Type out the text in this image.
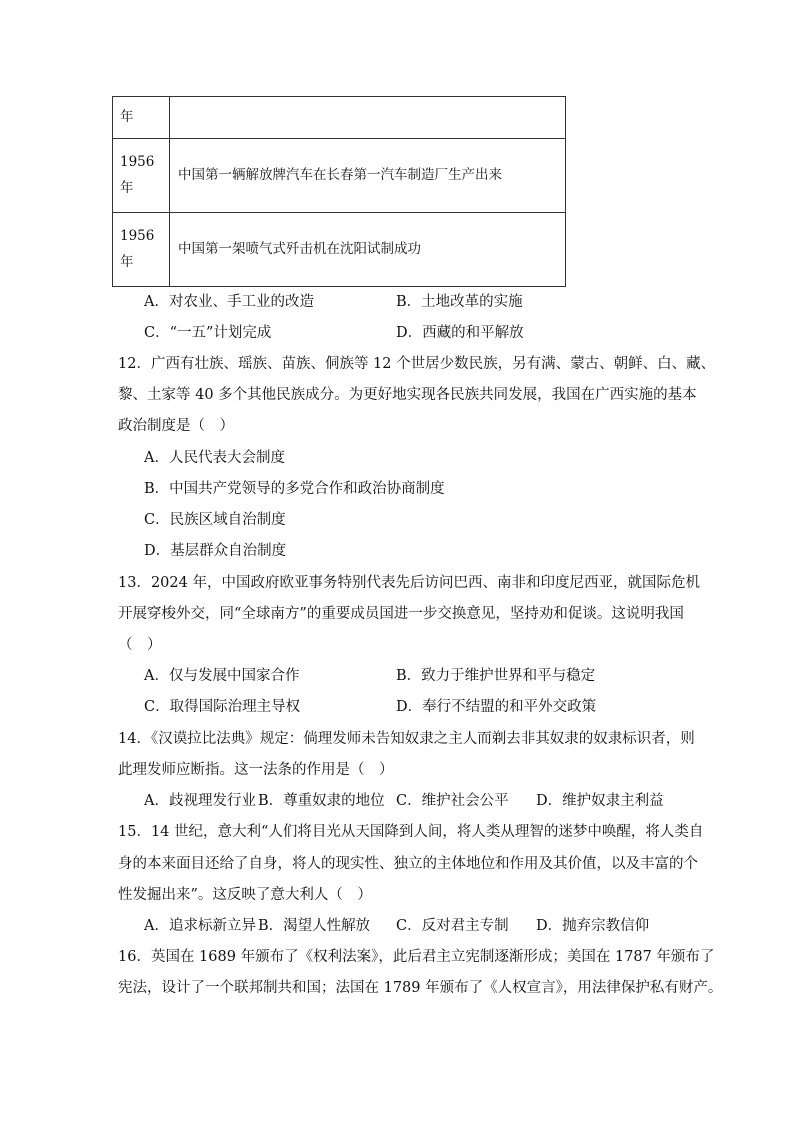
年	
1956
年	中国第一辆解放牌汽车在长春第一汽车制造厂生产出来
1956
年	中国第一架喷气式歼击机在沈阳试制成功
A．对农业、手工业的改造	B．土地改革的实施
C．“一五”计划完成	D．西藏的和平解放
12．广西有壮族、瑶族、苗族、侗族等 12 个世居少数民族，另有满、蒙古、朝鲜、白、藏、
黎、土家等 40 多个其他民族成分。为更好地实现各民族共同发展，我国在广西实施的基本
政治制度是（　）
A．人民代表大会制度
B．中国共产党领导的多党合作和政治协商制度
C．民族区域自治制度
D．基层群众自治制度
13．2024 年，中国政府欧亚事务特别代表先后访问巴西、南非和印度尼西亚，就国际危机
开展穿梭外交，同“全球南方”的重要成员国进一步交换意见，坚持劝和促谈。这说明我国
（　）
A．仅与发展中国家合作	B．致力于维护世界和平与稳定
C．取得国际治理主导权	D．奉行不结盟的和平外交政策
14．《汉谟拉比法典》规定：倘理发师未告知奴隶之主人而剃去非其奴隶的奴隶标识者，则
此理发师应断指。这一法条的作用是（　）
A．歧视理发行业 B．尊重奴隶的地位 C．维护社会公平 D．维护奴隶主利益
15．14 世纪，意大利“人们将目光从天国降到人间，将人类从理智的迷梦中唤醒，将人类自
身的本来面目还给了自身，将人的现实性、独立的主体地位和作用及其价值，以及丰富的个
性发掘出来”。这反映了意大利人（　）
A．追求标新立异 B．渴望人性解放 C．反对君主专制 D．抛弃宗教信仰
16．英国在 1689 年颁布了《权利法案》，此后君主立宪制逐渐形成；美国在 1787 年颁布了
宪法，设计了一个联邦制共和国；法国在 1789 年颁布了《人权宣言》，用法律保护私有财产。
